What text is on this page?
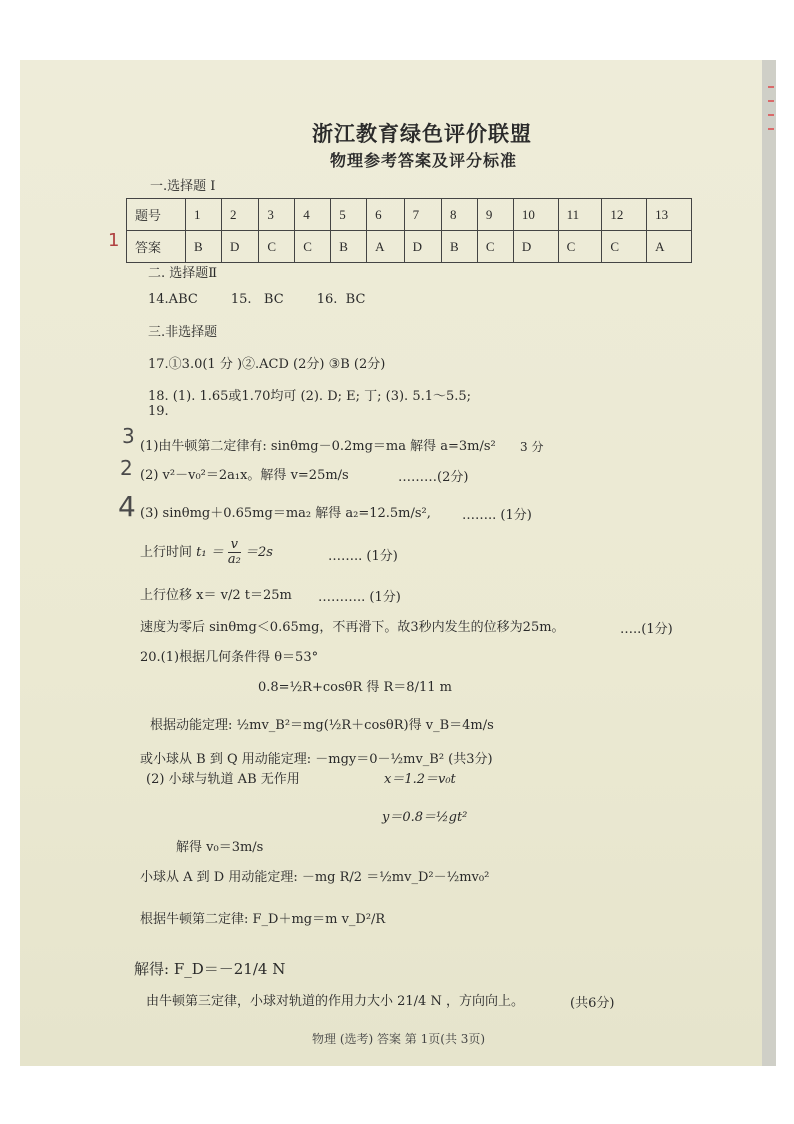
浙江教育绿色评价联盟
物理参考答案及评分标准
一.选择题 I
1
题号	1	2	3	4	5	6	7	8	9	10	11	12	13
答案	B	D	C	C	B	A	D	B	C	D	C	C	A
二. 选择题Ⅱ
14.ABC        15.   BC        16.  BC
三.非选择题
17.①3.0(1 分 )②.ACD (2分) ③B (2分)
18. (1). 1.65或1.70均可 (2). D; E; 丁; (3). 5.1～5.5;
19.
3 (1)由牛顿第二定律有: sinθmg－0.2mg＝ma 解得 a=3m/s² 3 分
2 (2) v²－v₀²＝2a₁x。解得 v=25m/s	………(2分)
4 (3) sinθmg＋0.65mg＝ma₂ 解得 a₂=12.5m/s², …….. (1分)
上行时间 $t_1 = \frac{v}{\text{a₂}} =2s$	…….. (1分)
上行位移 x＝ v/2 t＝25m ……….. (1分)
速度为零后 sinθmg＜0.65mg，不再滑下。故3秒内发生的位移为25m。	…..(1分)
20.(1)根据几何条件得 θ＝53°
0.8=½R+cosθR 得 R＝8/11 m
根据动能定理: ½mv_B²＝mg(½R＋cosθR)得 v_B＝4m/s
或小球从 B 到 Q 用动能定理: －mgy＝0－½mv_B² (共3分)
(2) 小球与轨道 AB 无作用	x＝1.2＝v₀t
y＝0.8＝½gt²
解得 v₀＝3m/s
小球从 A 到 D 用动能定理: －mg R/2 ＝½mv_D²－½mv₀²
根据牛顿第二定律: F_D＋mg＝m v_D²/R
解得: F_D＝－21/4 N
由牛顿第三定律，小球对轨道的作用力大小 21/4 N ，方向向上。	(共6分)
物理 (选考) 答案 第 1页(共 3页)
